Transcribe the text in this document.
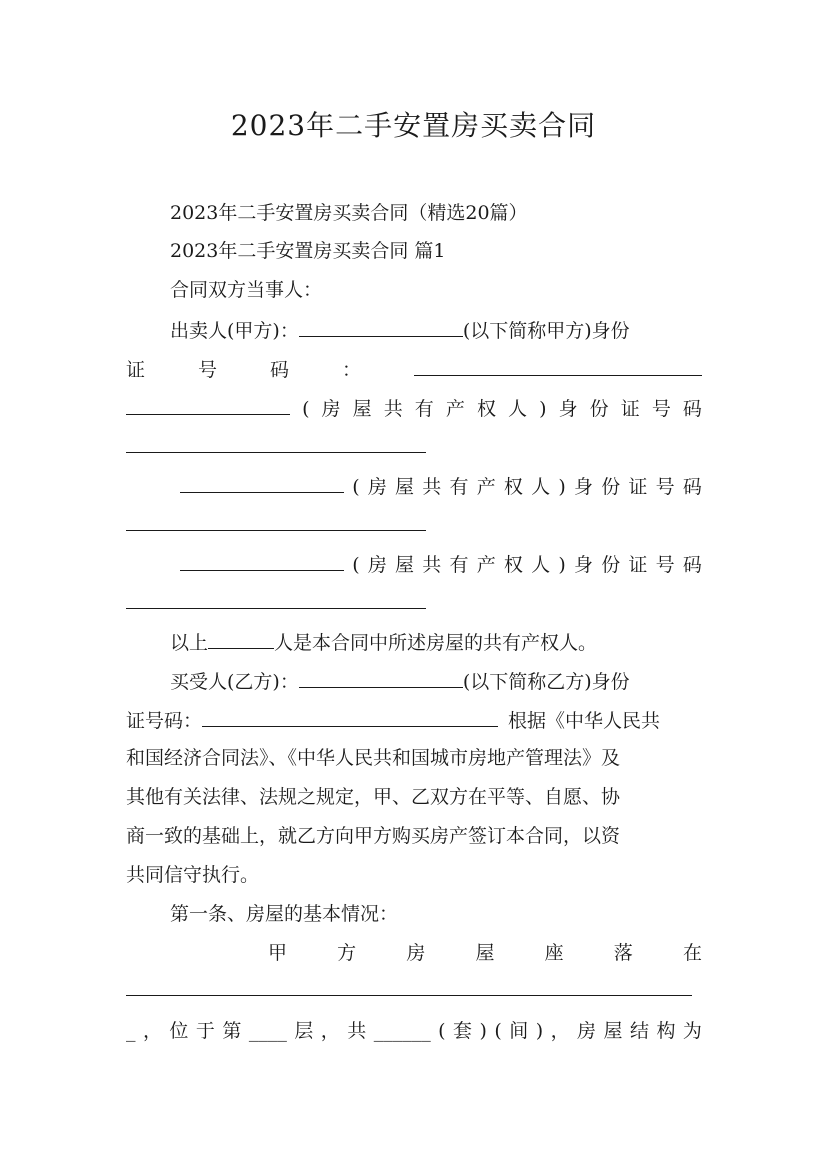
2023年二手安置房买卖合同
2023年二手安置房买卖合同（精选20篇）
2023年二手安置房买卖合同 篇1
合同双方当事人：
出卖人(甲方)：	(以下简称甲方)身份
证	号	码	：
( 房 屋 共 有 产 权 人 ) 身 份 证 号 码
( 房 屋 共 有 产 权 人 ) 身 份 证 号 码
( 房 屋 共 有 产 权 人 ) 身 份 证 号 码
以上	人是本合同中所述房屋的共有产权人。
买受人(乙方)：	(以下简称乙方)身份
证号码：	根据《中华人民共
和国经济合同法》、《中华人民共和国城市房地产管理法》及
其他有关法律、法规之规定，甲、乙双方在平等、自愿、协
商一致的基础上，就乙方向甲方购买房产签订本合同，以资
共同信守执行。
第一条、房屋的基本情况：
甲	方	房	屋	座	落	在
_ ， 位 于 第 ____ 层 ， 共 ______ ( 套 ) ( 间 ) ， 房 屋 结 构 为
